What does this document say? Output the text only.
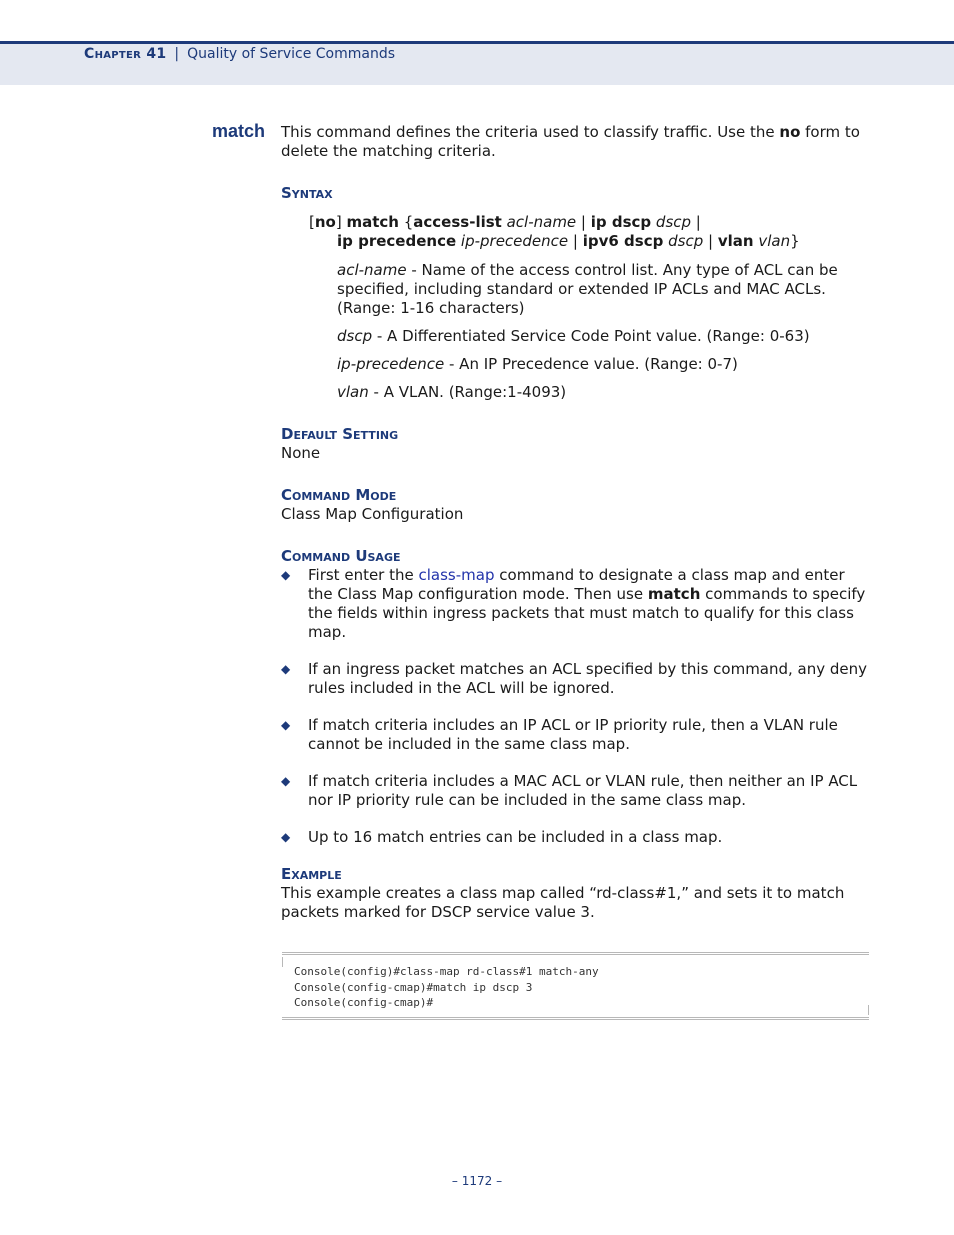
Chapter 41 | Quality of Service Commands
match This command defines the criteria used to classify traffic. Use the no form to delete the matching criteria.

Syntax

[no] match {access-list acl-name | ip dscp dscp |
ip precedence ip-precedence | ipv6 dscp dscp | vlan vlan}
acl-name - Name of the access control list. Any type of ACL can be specified, including standard or extended IP ACLs and MAC ACLs. (Range: 1-16 characters)
dscp - A Differentiated Service Code Point value. (Range: 0-63)
ip-precedence - An IP Precedence value. (Range: 0-7)
vlan - A VLAN. (Range:1-4093)

Default Setting

None

Command Mode

Class Map Configuration

Command Usage

◆ First enter the class-map command to designate a class map and enter the Class Map configuration mode. Then use match commands to specify the fields within ingress packets that must match to qualify for this class map.
◆ If an ingress packet matches an ACL specified by this command, any deny rules included in the ACL will be ignored.
◆ If match criteria includes an IP ACL or IP priority rule, then a VLAN rule cannot be included in the same class map.
◆ If match criteria includes a MAC ACL or VLAN rule, then neither an IP ACL nor IP priority rule can be included in the same class map.
◆ Up to 16 match entries can be included in a class map.

Example

This example creates a class map called “rd-class#1,” and sets it to match packets marked for DSCP service value 3.

Console(config)#class-map rd-class#1 match-any
Console(config-cmap)#match ip dscp 3
Console(config-cmap)#
– 1172 –
